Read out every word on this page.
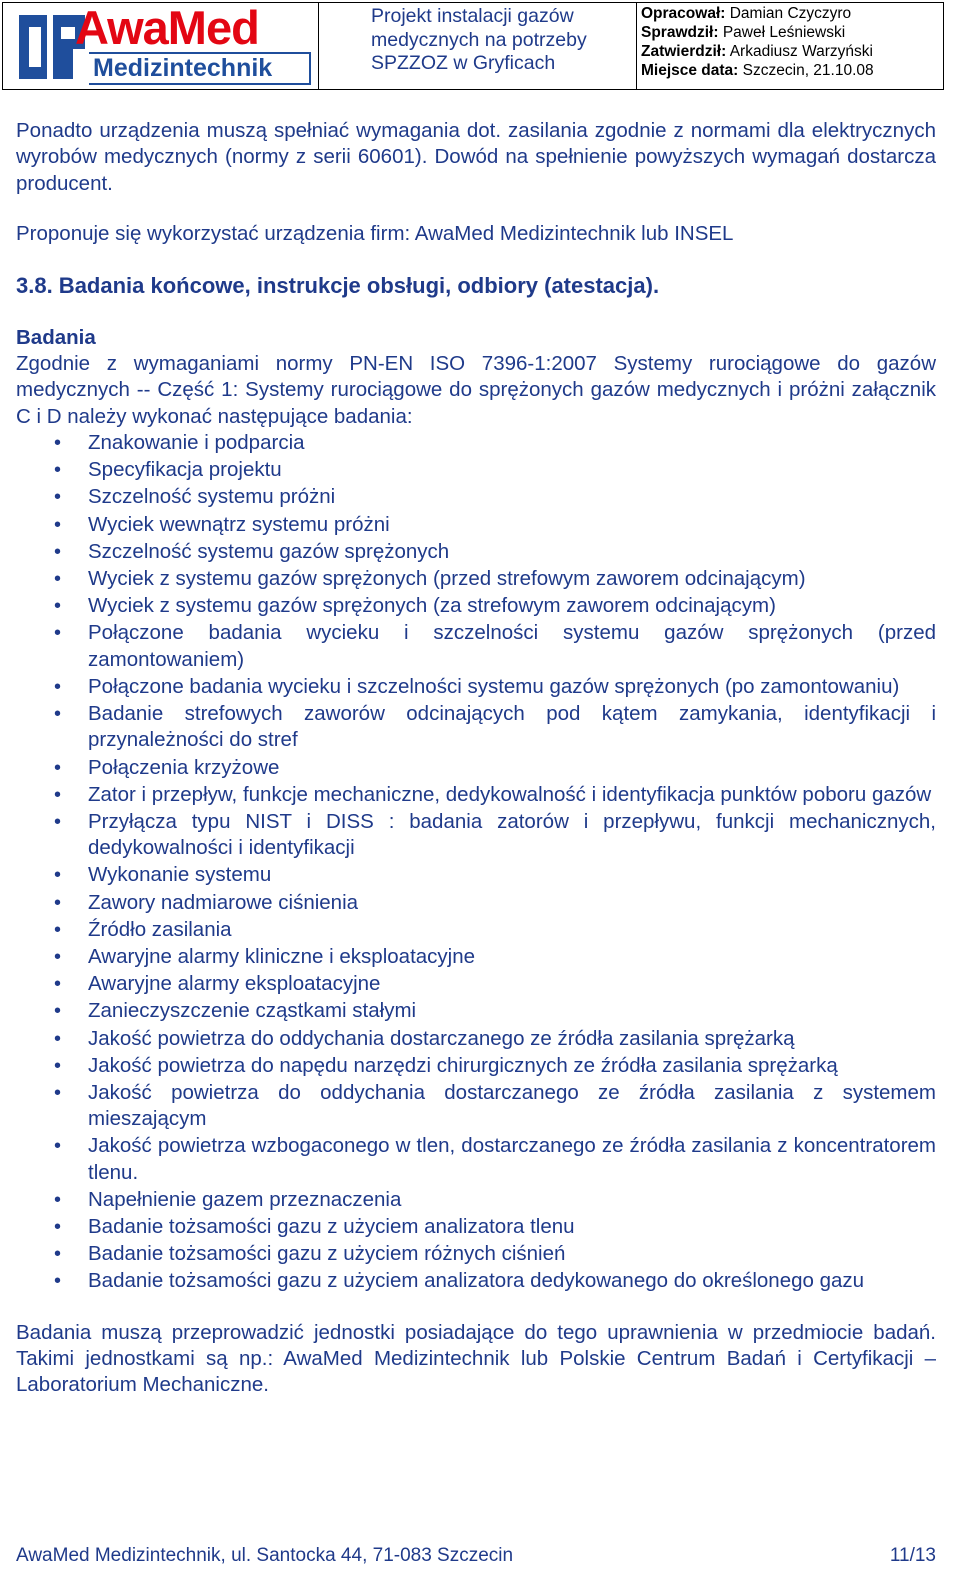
AwaMed
Medizintechnik
Projekt instalacji gazów
medycznych na potrzeby
SPZZOZ w Gryficach
Opracował: Damian Czyczyro
Sprawdził: Paweł Leśniewski
Zatwierdził: Arkadiusz Warzyński
Miejsce data: Szczecin, 21.10.08

Ponadto urządzenia muszą spełniać wymagania dot. zasilania zgodnie z normami dla elektrycznych wyrobów medycznych (normy z serii 60601). Dowód na spełnienie powyższych wymagań dostarcza producent.

Proponuje się wykorzystać urządzenia firm: AwaMed Medizintechnik lub INSEL

3.8. Badania końcowe, instrukcje obsługi, odbiory (atestacja).

Badania

Zgodnie z wymaganiami normy PN-EN ISO 7396-1:2007 Systemy rurociągowe do gazów medycznych -- Część 1: Systemy rurociągowe do sprężonych gazów medycznych i próżni załącznik C i D należy wykonać następujące badania:

• Znakowanie i podparcia
• Specyfikacja projektu
• Szczelność systemu próżni
• Wyciek wewnątrz systemu próżni
• Szczelność systemu gazów sprężonych
• Wyciek z systemu gazów sprężonych (przed strefowym zaworem odcinającym)
• Wyciek z systemu gazów sprężonych (za strefowym zaworem odcinającym)
• Połączone badania wycieku i szczelności systemu gazów sprężonych (przed zamontowaniem)
• Połączone badania wycieku i szczelności systemu gazów sprężonych (po zamontowaniu)
• Badanie strefowych zaworów odcinających pod kątem zamykania, identyfikacji i przynależności do stref
• Połączenia krzyżowe
• Zator i przepływ, funkcje mechaniczne, dedykowalność i identyfikacja punktów poboru gazów
• Przyłącza typu NIST i DISS : badania zatorów i przepływu, funkcji mechanicznych, dedykowalności i identyfikacji
• Wykonanie systemu
• Zawory nadmiarowe ciśnienia
• Źródło zasilania
• Awaryjne alarmy kliniczne i eksploatacyjne
• Awaryjne alarmy eksploatacyjne
• Zanieczyszczenie cząstkami stałymi
• Jakość powietrza do oddychania dostarczanego ze źródła zasilania sprężarką
• Jakość powietrza do napędu narzędzi chirurgicznych ze źródła zasilania sprężarką
• Jakość powietrza do oddychania dostarczanego ze źródła zasilania z systemem mieszającym
• Jakość powietrza wzbogaconego w tlen, dostarczanego ze źródła zasilania z koncentratorem tlenu.
• Napełnienie gazem przeznaczenia
• Badanie tożsamości gazu z użyciem analizatora tlenu
• Badanie tożsamości gazu z użyciem różnych ciśnień
• Badanie tożsamości gazu z użyciem analizatora dedykowanego do określonego gazu

Badania muszą przeprowadzić jednostki posiadające do tego uprawnienia w przedmiocie badań. Takimi jednostkami są np.: AwaMed Medizintechnik lub Polskie Centrum Badań i Certyfikacji – Laboratorium Mechaniczne.

AwaMed Medizintechnik, ul. Santocka 44, 71-083 Szczecin	11/13
